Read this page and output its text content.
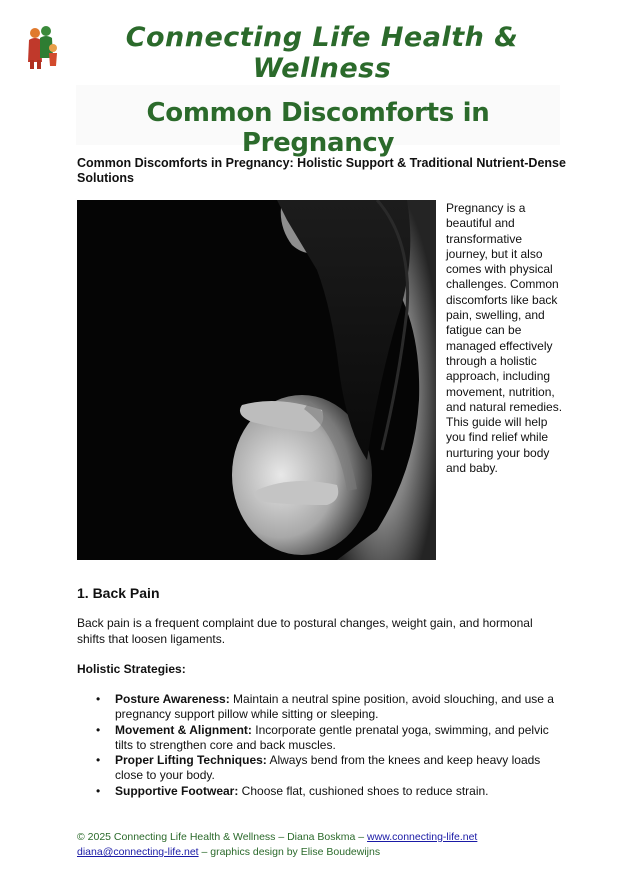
Connecting Life Health & Wellness
Common Discomforts in Pregnancy
Common Discomforts in Pregnancy: Holistic Support & Traditional Nutrient-Dense Solutions
Pregnancy is a beautiful and transformative journey, but it also comes with physical challenges. Common discomforts like back pain, swelling, and fatigue can be managed effectively through a holistic approach, including movement, nutrition, and natural remedies. This guide will help you find relief while nurturing your body and baby.
1. Back Pain
Back pain is a frequent complaint due to postural changes, weight gain, and hormonal shifts that loosen ligaments.
Holistic Strategies:
• Posture Awareness: Maintain a neutral spine position, avoid slouching, and use a pregnancy support pillow while sitting or sleeping.
• Movement & Alignment: Incorporate gentle prenatal yoga, swimming, and pelvic tilts to strengthen core and back muscles.
• Proper Lifting Techniques: Always bend from the knees and keep heavy loads close to your body.
• Supportive Footwear: Choose flat, cushioned shoes to reduce strain.
© 2025 Connecting Life Health & Wellness – Diana Boskma – www.connecting-life.net
diana@connecting-life.net – graphics design by Elise Boudewijns
